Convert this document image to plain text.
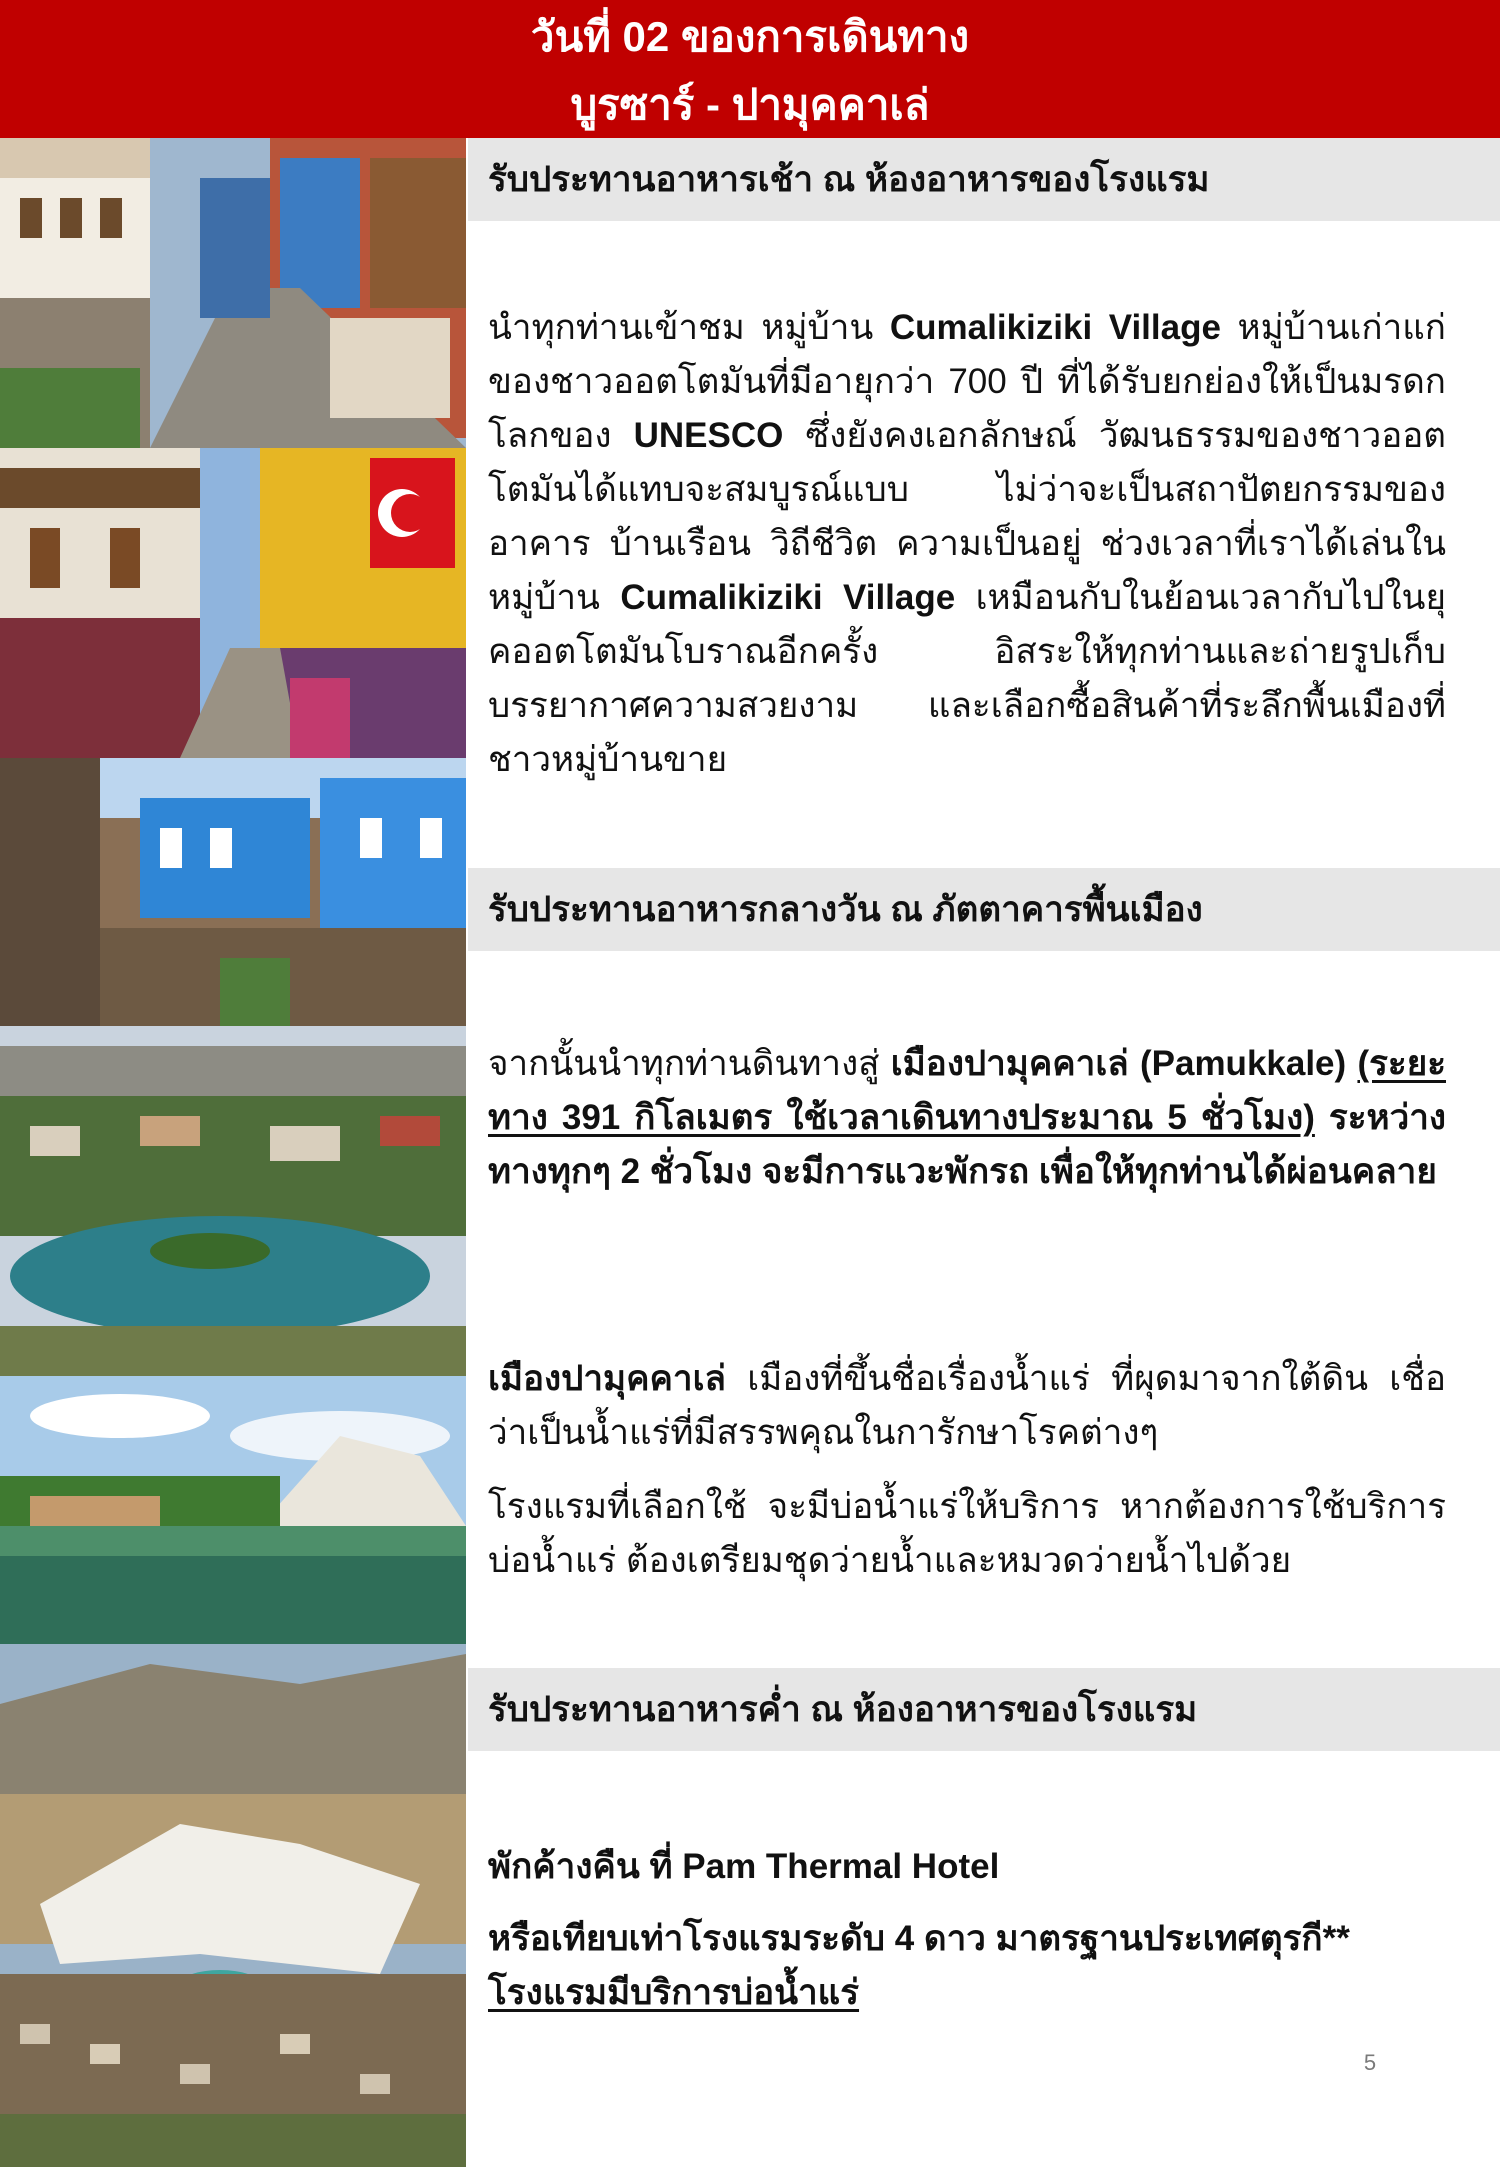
วันที่ 02 ของการเดินทาง
บูรซาร์ - ปามุคคาเล่
รับประทานอาหารเช้า ณ ห้องอาหารของโรงแรม
รับประทานอาหารกลางวัน ณ ภัตตาคารพื้นเมือง
รับประทานอาหารค่ำ ณ ห้องอาหารของโรงแรม

นำทุกท่านเข้าชม หมู่บ้าน Cumalikiziki Village หมู่บ้านเก่าแก่ของชาวออตโตมันที่มีอายุกว่า 700 ปี ที่ได้รับยกย่องให้เป็นมรดกโลกของ UNESCO ซึ่งยังคงเอกลักษณ์ วัฒนธรรมของชาวออตโตมันได้แทบจะสมบูรณ์แบบ ไม่ว่าจะเป็นสถาปัตยกรรมของอาคาร บ้านเรือน วิถีชีวิต ความเป็นอยู่ ช่วงเวลาที่เราได้เล่นในหมู่บ้าน Cumalikiziki Village เหมือนกับในย้อนเวลากับไปในยุคออตโตมันโบราณอีกครั้ง อิสระให้ทุกท่านและถ่ายรูปเก็บบรรยากาศความสวยงาม และเลือกซื้อสินค้าที่ระลึกพื้นเมืองที่ชาวหมู่บ้านขาย

จากนั้นนำทุกท่านดินทางสู่ เมืองปามุคคาเล่ (Pamukkale) (ระยะทาง 391 กิโลเมตร ใช้เวลาเดินทางประมาณ 5 ชั่วโมง) ระหว่างทางทุกๆ 2 ชั่วโมง จะมีการแวะพักรถ เพื่อให้ทุกท่านได้ผ่อนคลาย

เมืองปามุคคาเล่ เมืองที่ขึ้นชื่อเรื่องน้ำแร่ ที่ผุดมาจากใต้ดิน เชื่อว่าเป็นน้ำแร่ที่มีสรรพคุณในการักษาโรคต่างๆ

โรงแรมที่เลือกใช้ จะมีบ่อน้ำแร่ให้บริการ หากต้องการใช้บริการบ่อน้ำแร่ ต้องเตรียมชุดว่ายน้ำและหมวดว่ายน้ำไปด้วย

พักค้างคืน ที่ Pam Thermal Hotel

หรือเทียบเท่าโรงแรมระดับ 4 ดาว มาตรฐานประเทศตุรกี**

โรงแรมมีบริการบ่อน้ำแร่

5
